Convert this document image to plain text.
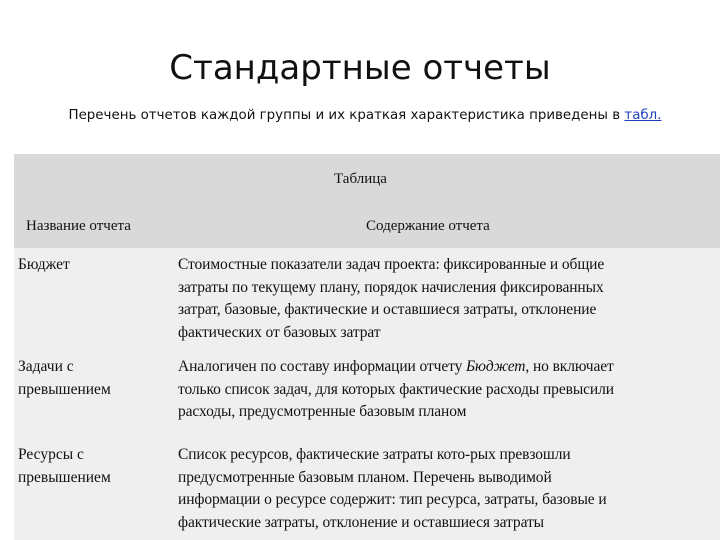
Стандартные отчеты
Перечень отчетов каждой группы и их краткая характеристика приведены в табл.
Таблица
Название отчета	Содержание отчета
Бюджет	Стоимостные показатели задач проекта: фиксированные и общие
затраты по текущему плану, порядок начисления фиксированных
затрат, базовые, фактические и оставшиеся затраты, отклонение
фактических от базовых затрат
Задачи с
превышением
Аналогичен по составу информации отчету Бюджет, но включает
только список задач, для которых фактические расходы превысили
расходы, предусмотренные базовым планом
Ресурсы с
превышением
Список ресурсов, фактические затраты кото-рых превзошли
предусмотренные базовым планом. Перечень выводимой
информации о ресурсе содержит: тип ресурса, затраты, базовые и
фактические затраты, отклонение и оставшиеся затраты
